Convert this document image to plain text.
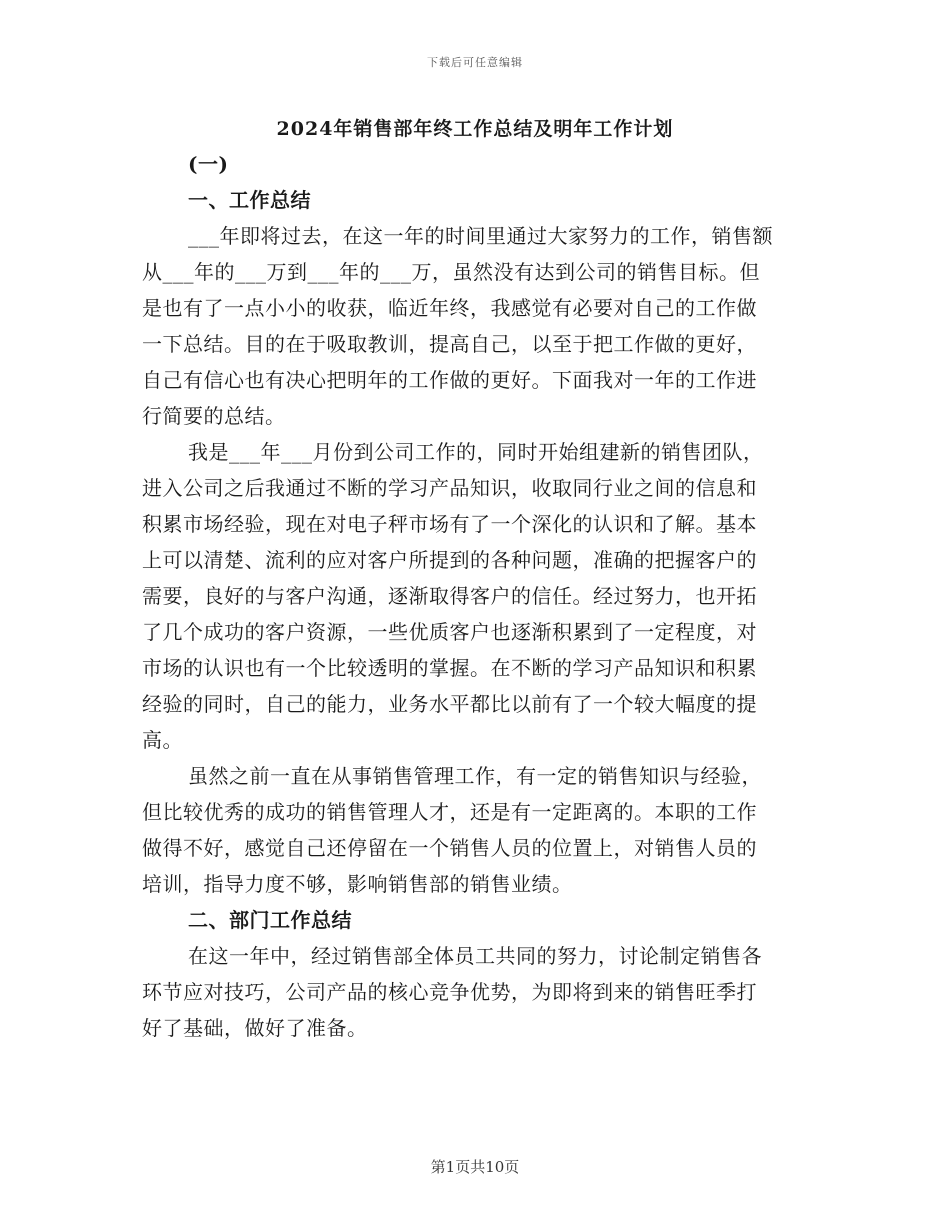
下载后可任意编辑
2024年销售部年终工作总结及明年工作计划
(一)
一、工作总结
___年即将过去，在这一年的时间里通过大家努力的工作，销售额
从___年的___万到___年的___万，虽然没有达到公司的销售目标。但
是也有了一点小小的收获，临近年终，我感觉有必要对自己的工作做
一下总结。目的在于吸取教训，提高自己，以至于把工作做的更好，
自己有信心也有决心把明年的工作做的更好。下面我对一年的工作进
行简要的总结。
我是___年___月份到公司工作的，同时开始组建新的销售团队，
进入公司之后我通过不断的学习产品知识，收取同行业之间的信息和
积累市场经验，现在对电子秤市场有了一个深化的认识和了解。基本
上可以清楚、流利的应对客户所提到的各种问题，准确的把握客户的
需要，良好的与客户沟通，逐渐取得客户的信任。经过努力，也开拓
了几个成功的客户资源，一些优质客户也逐渐积累到了一定程度，对
市场的认识也有一个比较透明的掌握。在不断的学习产品知识和积累
经验的同时，自己的能力，业务水平都比以前有了一个较大幅度的提
高。
虽然之前一直在从事销售管理工作，有一定的销售知识与经验，
但比较优秀的成功的销售管理人才，还是有一定距离的。本职的工作
做得不好，感觉自己还停留在一个销售人员的位置上，对销售人员的
培训，指导力度不够，影响销售部的销售业绩。
二、部门工作总结
在这一年中，经过销售部全体员工共同的努力，讨论制定销售各
环节应对技巧，公司产品的核心竞争优势，为即将到来的销售旺季打
好了基础，做好了准备。
第1页共10页
